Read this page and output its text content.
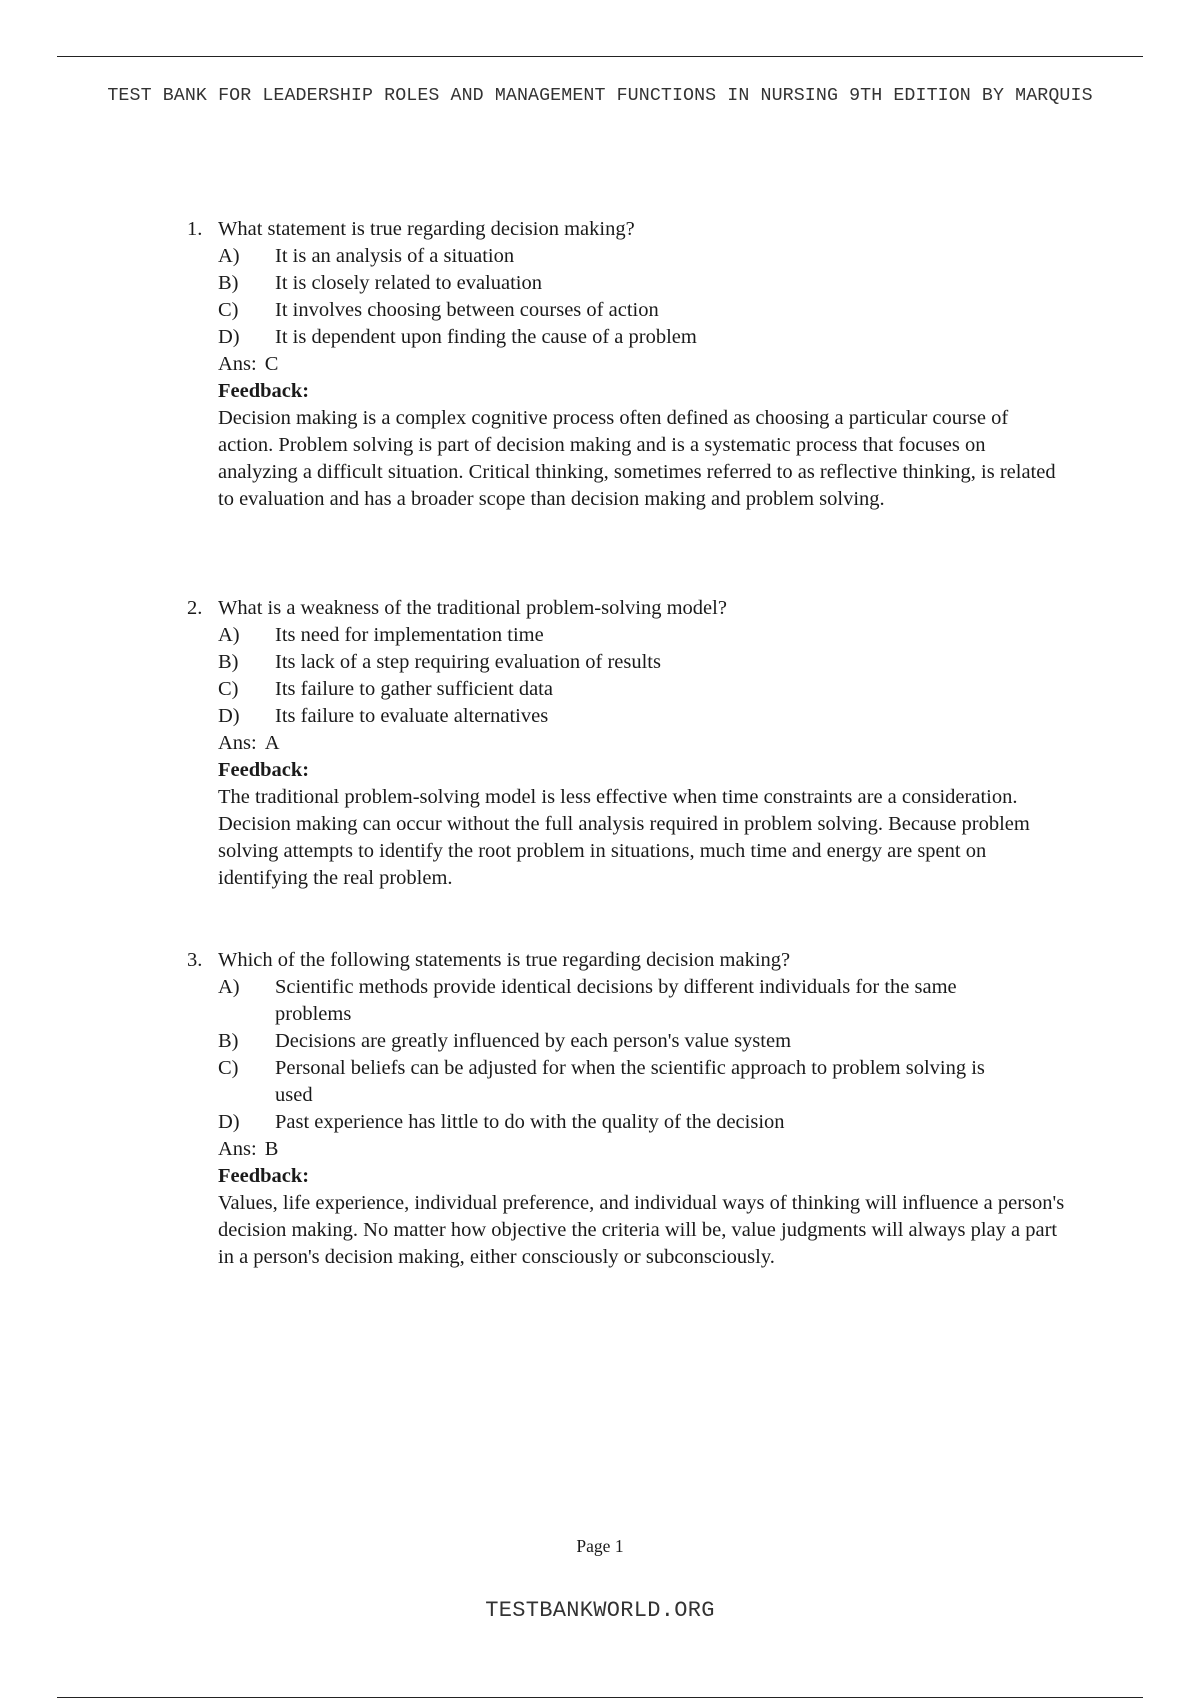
TEST BANK FOR LEADERSHIP ROLES AND MANAGEMENT FUNCTIONS IN NURSING 9TH EDITION BY MARQUIS
1. What statement is true regarding decision making?
A)	It is an analysis of a situation
B)	It is closely related to evaluation
C)	It involves choosing between courses of action
D)	It is dependent upon finding the cause of a problem
Ans: C
Feedback:
Decision making is a complex cognitive process often defined as choosing a particular course of action. Problem solving is part of decision making and is a systematic process that focuses on analyzing a difficult situation. Critical thinking, sometimes referred to as reflective thinking, is related to evaluation and has a broader scope than decision making and problem solving.
2. What is a weakness of the traditional problem-solving model?
A)	Its need for implementation time
B)	Its lack of a step requiring evaluation of results
C)	Its failure to gather sufficient data
D)	Its failure to evaluate alternatives
Ans: A
Feedback:
The traditional problem-solving model is less effective when time constraints are a consideration. Decision making can occur without the full analysis required in problem solving. Because problem solving attempts to identify the root problem in situations, much time and energy are spent on identifying the real problem.
3. Which of the following statements is true regarding decision making?
A)	Scientific methods provide identical decisions by different individuals for the same problems
B)	Decisions are greatly influenced by each person's value system
C)	Personal beliefs can be adjusted for when the scientific approach to problem solving is used
D)	Past experience has little to do with the quality of the decision
Ans: B
Feedback:
Values, life experience, individual preference, and individual ways of thinking will influence a person's decision making. No matter how objective the criteria will be, value judgments will always play a part in a person's decision making, either consciously or subconsciously.
Page 1
TESTBANKWORLD.ORG
